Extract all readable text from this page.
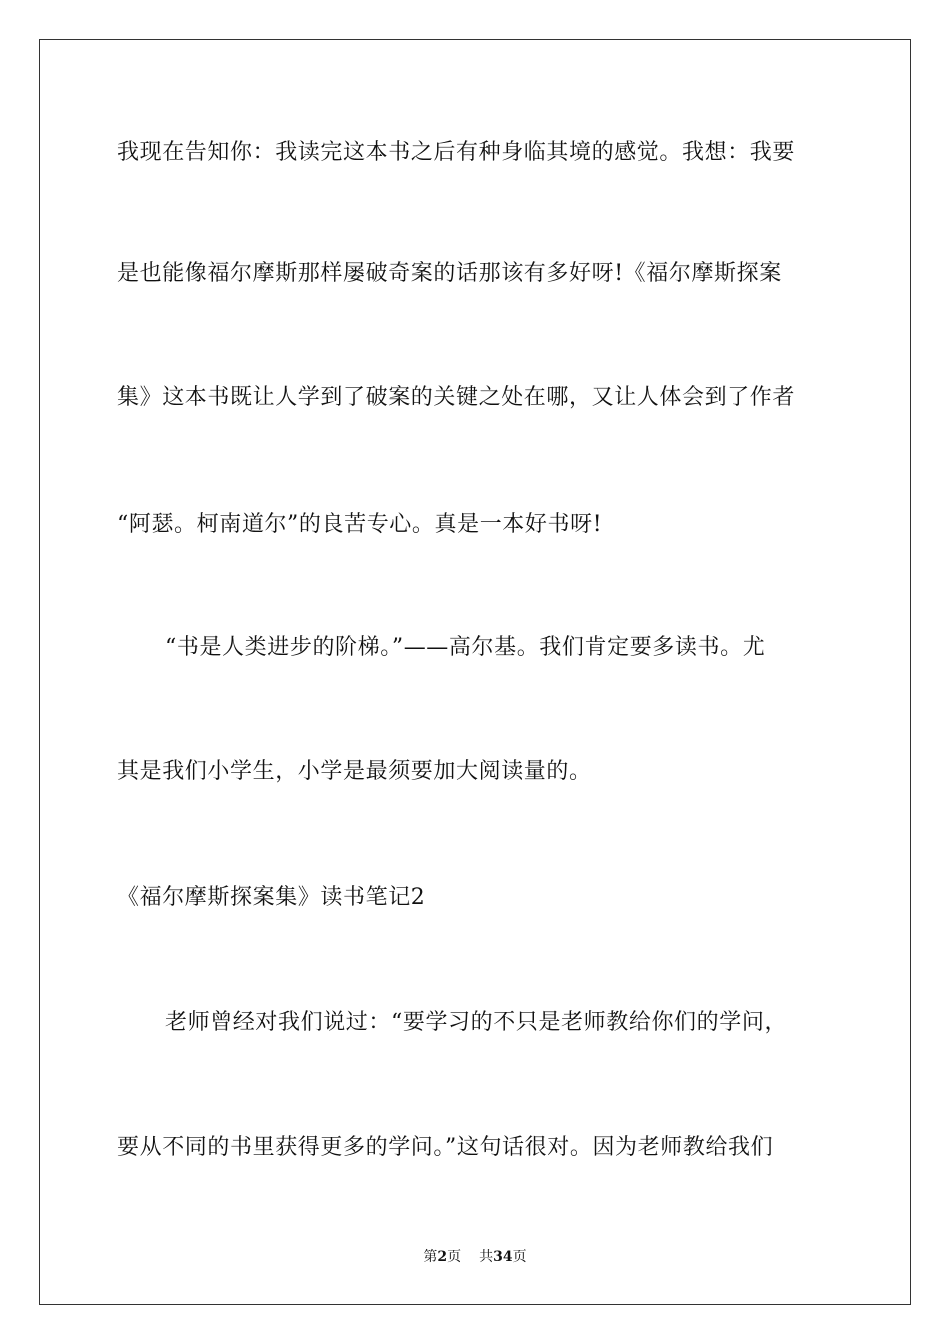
我现在告知你：我读完这本书之后有种身临其境的感觉。我想：我要
是也能像福尔摩斯那样屡破奇案的话那该有多好呀!《福尔摩斯探案
集》这本书既让人学到了破案的关键之处在哪，又让人体会到了作者
“阿瑟。柯南道尔”的良苦专心。真是一本好书呀!
“书是人类进步的阶梯。”——高尔基。我们肯定要多读书。尤
其是我们小学生，小学是最须要加大阅读量的。
《福尔摩斯探案集》读书笔记2
老师曾经对我们说过：“要学习的不只是老师教给你们的学问，
要从不同的书里获得更多的学问。”这句话很对。因为老师教给我们
第2页 共34页
